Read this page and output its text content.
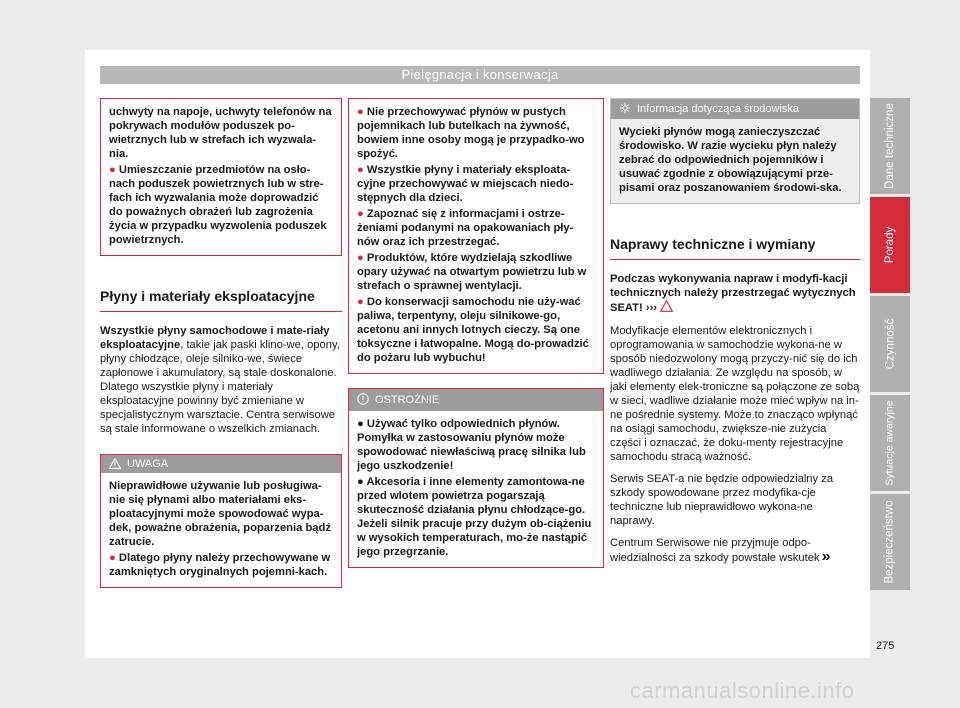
Pielęgnacja i konserwacja

uchwyty na napoje, uchwyty telefonów na pokrywach modułów poduszek po-wietrznych lub w strefach ich wyzwala-nia.

● Umieszczanie przedmiotów na osło-nach poduszek powietrznych lub w stre-fach ich wyzwalania może doprowadzić do poważnych obrażeń lub zagrożenia życia w przypadku wyzwolenia poduszek powietrznych.

Płyny i materiały eksploatacyjne

Wszystkie płyny samochodowe i mate-riały eksploatacyjne, takie jak paski klino-we, opony, płyny chłodzące, oleje silniko-we, świece zapłonowe i akumulatory, są stale doskonalone. Dlatego wszystkie płyny i materiały eksploatacyjne powinny być zmieniane w specjalistycznym warsztacie. Centra serwisowe są stale informowane o wszelkich zmianach.

UWAGA

Nieprawidłowe używanie lub posługiwa-nie się płynami albo materiałami eks-ploatacyjnymi może spowodować wypa-dek, poważne obrażenia, poparzenia bądź zatrucie.

● Dlatego płyny należy przechowywane w zamkniętych oryginalnych pojemni-kach.

● Nie przechowywać płynów w pustych pojemnikach lub butelkach na żywność, bowiem inne osoby mogą je przypadko-wo spożyć.

● Wszystkie płyny i materiały eksploata-cyjne przechowywać w miejscach niedo-stępnych dla dzieci.

● Zapoznać się z informacjami i ostrze-żeniami podanymi na opakowaniach pły-nów oraz ich przestrzegać.

● Produktów, które wydzielają szkodliwe opary używać na otwartym powietrzu lub w strefach o sprawnej wentylacji.

● Do konserwacji samochodu nie uży-wać paliwa, terpentyny, oleju silnikowe-go, acetonu ani innych lotnych cieczy. Są one toksyczne i łatwopalne. Mogą do-prowadzić do pożaru lub wybuchu!

OSTROŻNIE

● Używać tylko odpowiednich płynów. Pomyłka w zastosowaniu płynów może spowodować niewłaściwą pracę silnika lub jego uszkodzenie!

● Akcesoria i inne elementy zamontowa-ne przed wlotem powietrza pogarszają skuteczność działania płynu chłodzące-go. Jeżeli silnik pracuje przy dużym ob-ciążeniu w wysokich temperaturach, mo-że nastąpić jego przegrzanie.

Informacja dotycząca środowiska

Wycieki płynów mogą zanieczyszczać środowisko. W razie wycieku płyn należy zebrać do odpowiednich pojemników i usuwać zgodnie z obowiązującymi prze-pisami oraz poszanowaniem środowi-ska.

Naprawy techniczne i wymiany

Podczas wykonywania napraw i modyfi-kacji technicznych należy przestrzegać wytycznych SEAT! ›››

Modyfikacje elementów elektronicznych i oprogramowania w samochodzie wykona-ne w sposób niedozwolony mogą przyczy-nić się do ich wadliwego działania. Ze względu na sposób, w jaki elementy elek-troniczne są połączone ze sobą w sieci, wadliwe działanie może mieć wpływ na in-ne pośrednie systemy. Może to znacząco wpłynąć na osiągi samochodu, zwiększe-nie zużycia części i oznaczać, że doku-menty rejestracyjne samochodu stracą ważność.

Serwis SEAT-a nie będzie odpowiedzialny za szkody spowodowane przez modyfika-cje techniczne lub nieprawidłowo wykona-ne naprawy.

Centrum Serwisowe nie przyjmuje odpo-wiedzialności za szkody powstałe wskutek »

Dane techniczne
Porady
Czynność
Sytuacje awaryjne
Bezpieczeństwo
275
carmanualsonline.info
